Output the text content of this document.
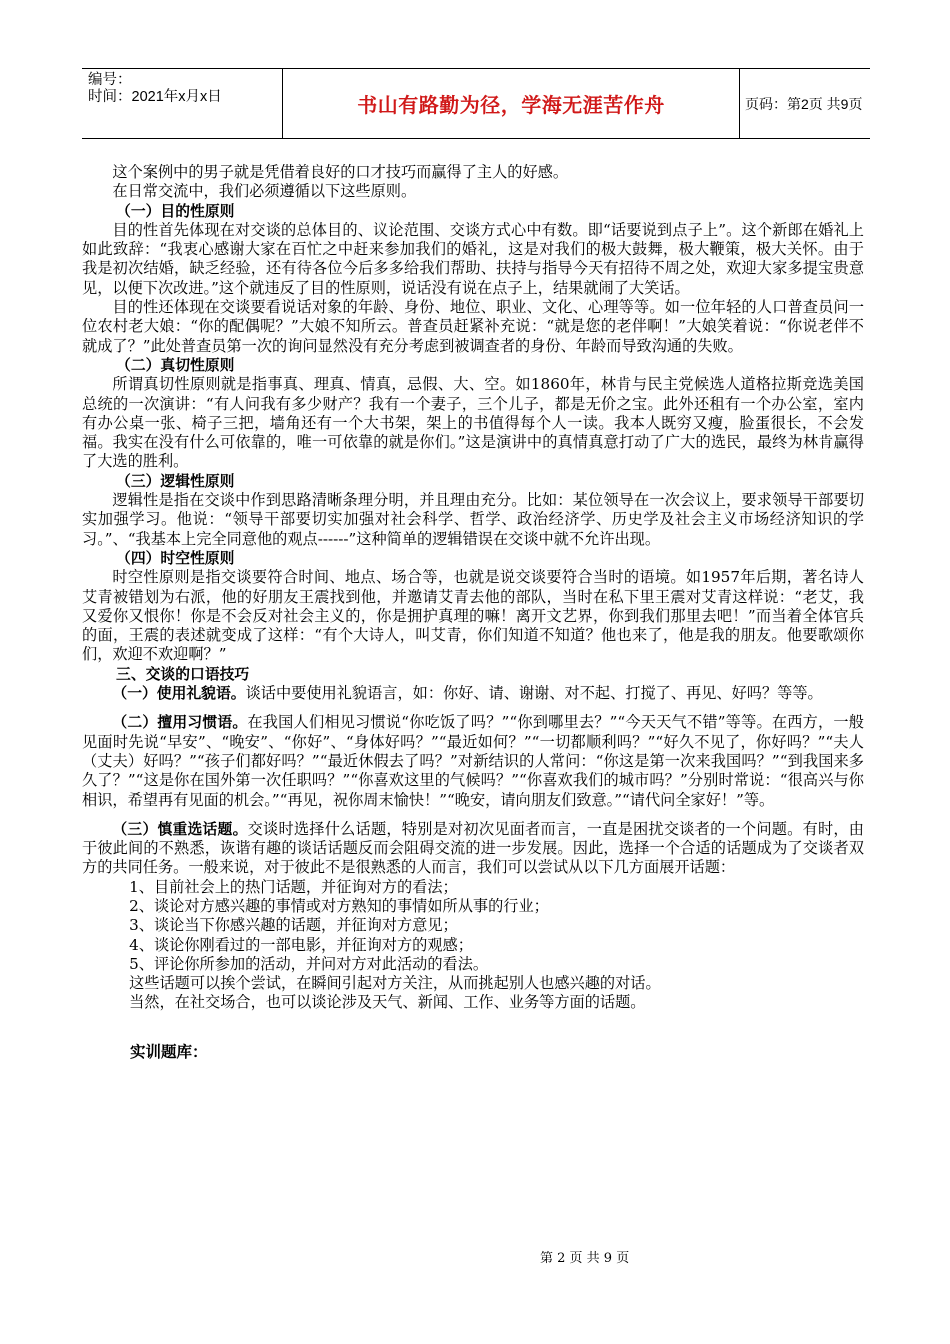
编号：
时间：2021年x月x日	书山有路勤为径，学海无涯苦作舟	页码：第2页 共9页

这个案例中的男子就是凭借着良好的口才技巧而赢得了主人的好感。

在日常交流中，我们必须遵循以下这些原则。

（一）目的性原则

目的性首先体现在对交谈的总体目的、议论范围、交谈方式心中有数。即“话要说到点子上”。这个新郎在婚礼上如此致辞：“我衷心感谢大家在百忙之中赶来参加我们的婚礼，这是对我们的极大鼓舞，极大鞭策，极大关怀。由于我是初次结婚，缺乏经验，还有待各位今后多多给我们帮助、扶持与指导今天有招待不周之处，欢迎大家多提宝贵意见，以便下次改进。”这个就违反了目的性原则，说话没有说在点子上，结果就闹了大笑话。

目的性还体现在交谈要看说话对象的年龄、身份、地位、职业、文化、心理等等。如一位年轻的人口普查员问一位农村老大娘：“你的配偶呢？”大娘不知所云。普查员赶紧补充说：“就是您的老伴啊！”大娘笑着说：“你说老伴不就成了？”此处普查员第一次的询问显然没有充分考虑到被调查者的身份、年龄而导致沟通的失败。

（二）真切性原则

所谓真切性原则就是指事真、理真、情真，忌假、大、空。如1860年，林肯与民主党候选人道格拉斯竞选美国总统的一次演讲：“有人问我有多少财产？我有一个妻子，三个儿子，都是无价之宝。此外还租有一个办公室，室内有办公桌一张、椅子三把，墙角还有一个大书架，架上的书值得每个人一读。我本人既穷又瘦，脸蛋很长，不会发福。我实在没有什么可依靠的，唯一可依靠的就是你们。”这是演讲中的真情真意打动了广大的选民，最终为林肯赢得了大选的胜利。

（三）逻辑性原则

逻辑性是指在交谈中作到思路清晰条理分明，并且理由充分。比如：某位领导在一次会议上，要求领导干部要切实加强学习。他说：“领导干部要切实加强对社会科学、哲学、政治经济学、历史学及社会主义市场经济知识的学习。”、“我基本上完全同意他的观点------”这种简单的逻辑错误在交谈中就不允许出现。

（四）时空性原则

时空性原则是指交谈要符合时间、地点、场合等，也就是说交谈要符合当时的语境。如1957年后期，著名诗人艾青被错划为右派，他的好朋友王震找到他，并邀请艾青去他的部队，当时在私下里王震对艾青这样说：“老艾，我又爱你又恨你！你是不会反对社会主义的，你是拥护真理的嘛！离开文艺界，你到我们那里去吧！”而当着全体官兵的面，王震的表述就变成了这样：“有个大诗人，叫艾青，你们知道不知道？他也来了，他是我的朋友。他要歌颂你们，欢迎不欢迎啊？”

三、交谈的口语技巧

（一）使用礼貌语。谈话中要使用礼貌语言，如：你好、请、谢谢、对不起、打搅了、再见、好吗？等等。

（二）擅用习惯语。在我国人们相见习惯说“你吃饭了吗？”“你到哪里去？”“今天天气不错”等等。在西方，一般见面时先说“早安”、“晚安”、“你好”、“身体好吗？”“最近如何？”“一切都顺利吗？”“好久不见了，你好吗？”“夫人（丈夫）好吗？”“孩子们都好吗？”“最近休假去了吗？”对新结识的人常问：“你这是第一次来我国吗？”“到我国来多久了？”“这是你在国外第一次任职吗？”“你喜欢这里的气候吗？”“你喜欢我们的城市吗？”分别时常说：“很高兴与你相识，希望再有见面的机会。”“再见，祝你周末愉快！”“晚安，请向朋友们致意。”“请代问全家好！”等。

（三）慎重选话题。交谈时选择什么话题，特别是对初次见面者而言，一直是困扰交谈者的一个问题。有时，由于彼此间的不熟悉，诙谐有趣的谈话话题反而会阻碍交流的进一步发展。因此，选择一个合适的话题成为了交谈者双方的共同任务。一般来说，对于彼此不是很熟悉的人而言，我们可以尝试从以下几方面展开话题：

1、目前社会上的热门话题，并征询对方的看法；

2、谈论对方感兴趣的事情或对方熟知的事情如所从事的行业；

3、谈论当下你感兴趣的话题，并征询对方意见；

4、谈论你刚看过的一部电影，并征询对方的观感；

5、评论你所参加的活动，并问对方对此活动的看法。

这些话题可以挨个尝试，在瞬间引起对方关注，从而挑起别人也感兴趣的对话。

当然，在社交场合，也可以谈论涉及天气、新闻、工作、业务等方面的话题。

实训题库：

第 2 页 共 9 页
